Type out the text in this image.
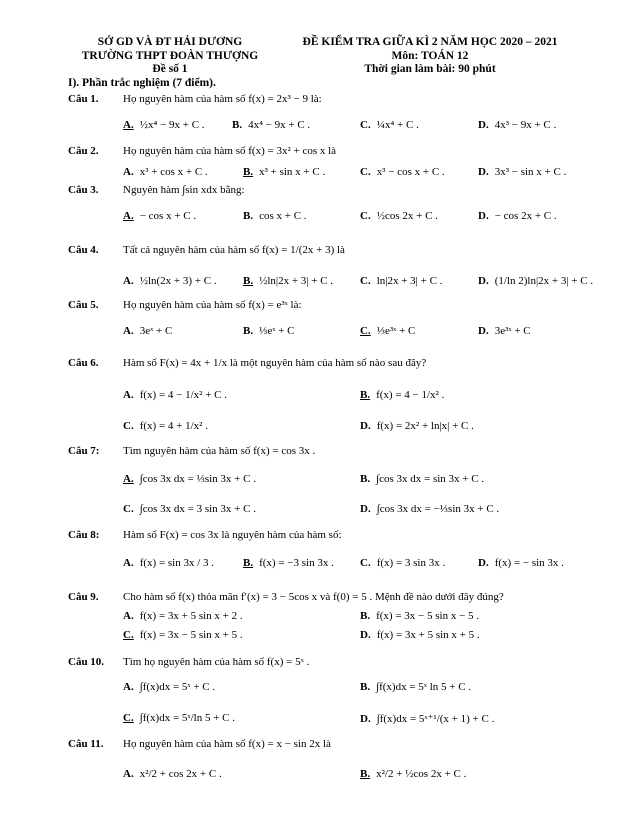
SỞ GD VÀ ĐT HẢI DƯƠNG
TRƯỜNG THPT ĐOÀN THƯỢNG
Đề số 1
ĐỀ KIỂM TRA GIỮA KÌ 2 NĂM HỌC 2020 – 2021
Môn: TOÁN 12
Thời gian làm bài: 90 phút
I). Phần trắc nghiệm (7 điểm).
Câu 1. Họ nguyên hàm của hàm số f(x) = 2x³ − 9 là:
A. ½x⁴ − 9x + C . B. 4x⁴ − 9x + C .	C. ¼x⁴ + C .	D. 4x³ − 9x + C .
Câu 2. Họ nguyên hàm của hàm số f(x) = 3x² + cos x là
A. x³ + cos x + C .	B. x³ + sin x + C .	C. x³ − cos x + C .	D. 3x³ − sin x + C .
Câu 3. Nguyên hàm ∫sin xdx bằng:
A. − cos x + C .	B. cos x + C .	C. ½cos 2x + C .	D. − cos 2x + C .
Câu 4. Tất cả nguyên hàm của hàm số f(x) = 1/(2x + 3) là
A. ½ln(2x + 3) + C . B. ½ln|2x + 3| + C . C. ln|2x + 3| + C .	D. (1/ln 2)ln|2x + 3| + C .
Câu 5. Họ nguyên hàm của hàm số f(x) = e³ˣ là:
A. 3eˣ + C	B. ⅓eˣ + C	C. ⅓e³ˣ + C	D. 3e³ˣ + C
Câu 6. Hàm số F(x) = 4x + 1/x là một nguyên hàm của hàm số nào sau đây?
A. f(x) = 4 − 1/x² + C .	B. f(x) = 4 − 1/x² .
C. f(x) = 4 + 1/x² .	D. f(x) = 2x² + ln|x| + C .
Câu 7: Tìm nguyên hàm của hàm số f(x) = cos 3x .
A. ∫cos 3x dx = ⅓sin 3x + C .	B. ∫cos 3x dx = sin 3x + C .
C. ∫cos 3x dx = 3 sin 3x + C .	D. ∫cos 3x dx = −⅓sin 3x + C .
Câu 8: Hàm số F(x) = cos 3x là nguyên hàm của hàm số:
A. f(x) = sin 3x / 3 .	B. f(x) = −3 sin 3x . C. f(x) = 3 sin 3x .	D. f(x) = − sin 3x .
Câu 9. Cho hàm số f(x) thỏa mãn f′(x) = 3 − 5cos x và f(0) = 5 . Mệnh đề nào dưới đây đúng?
A. f(x) = 3x + 5 sin x + 2 .	B. f(x) = 3x − 5 sin x − 5 .
C. f(x) = 3x − 5 sin x + 5 .	D. f(x) = 3x + 5 sin x + 5 .
Câu 10. Tìm họ nguyên hàm của hàm số f(x) = 5ˣ .
A. ∫f(x)dx = 5ˣ + C .	B. ∫f(x)dx = 5ˣ ln 5 + C .
C. ∫f(x)dx = 5ˣ/ln 5 + C .	D. ∫f(x)dx = 5ˣ⁺¹/(x + 1) + C .
Câu 11. Họ nguyên hàm của hàm số f(x) = x − sin 2x là
A. x²/2 + cos 2x + C .	B. x²/2 + ½cos 2x + C .
